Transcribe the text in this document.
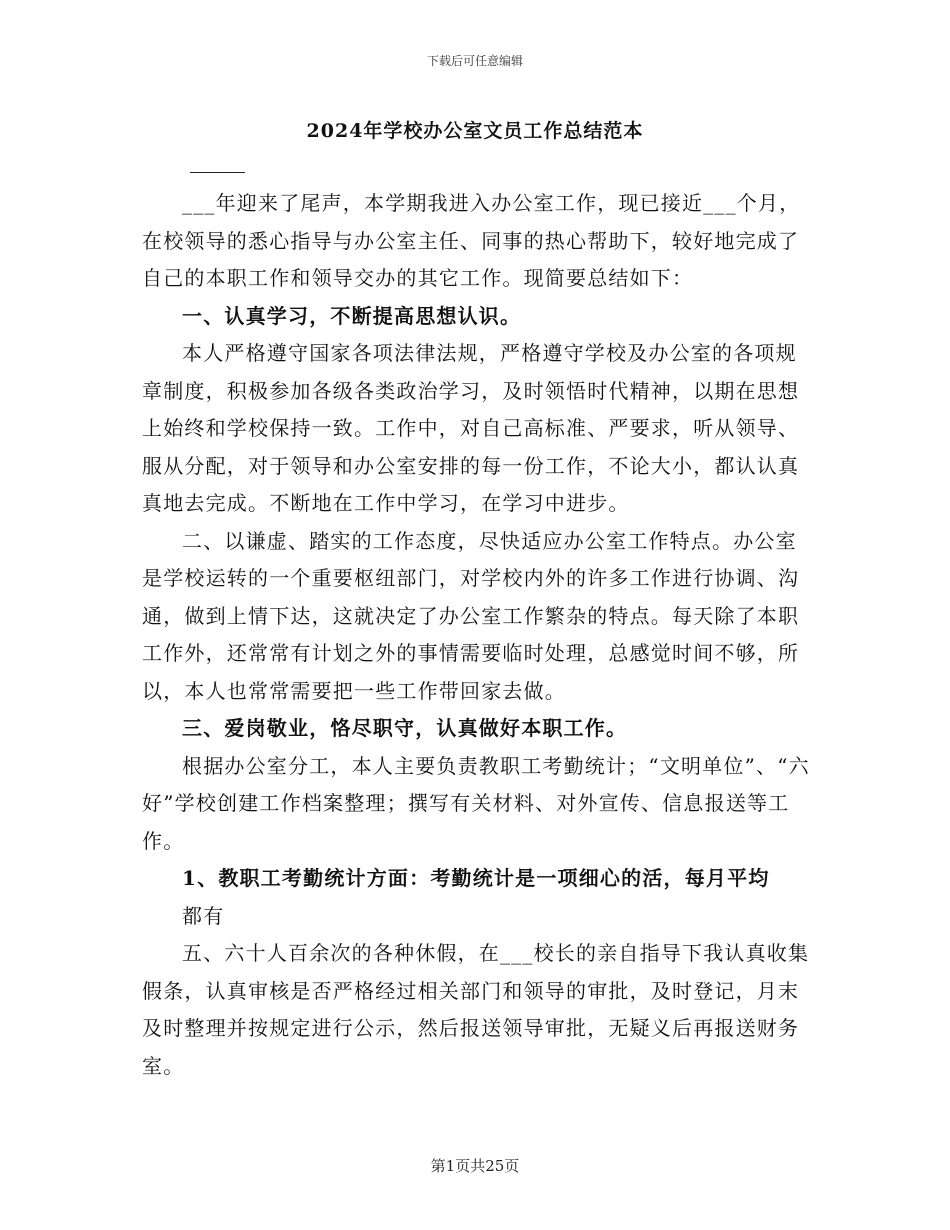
下载后可任意编辑
2024年学校办公室文员工作总结范本

___年迎来了尾声，本学期我进入办公室工作，现已接近___个月，在校领导的悉心指导与办公室主任、同事的热心帮助下，较好地完成了自己的本职工作和领导交办的其它工作。现简要总结如下：

一、认真学习，不断提高思想认识。

本人严格遵守国家各项法律法规，严格遵守学校及办公室的各项规章制度，积极参加各级各类政治学习，及时领悟时代精神，以期在思想上始终和学校保持一致。工作中，对自己高标准、严要求，听从领导、服从分配，对于领导和办公室安排的每一份工作，不论大小，都认认真真地去完成。不断地在工作中学习，在学习中进步。

二、以谦虚、踏实的工作态度，尽快适应办公室工作特点。办公室是学校运转的一个重要枢纽部门，对学校内外的许多工作进行协调、沟通，做到上情下达，这就决定了办公室工作繁杂的特点。每天除了本职工作外，还常常有计划之外的事情需要临时处理，总感觉时间不够，所以，本人也常常需要把一些工作带回家去做。

三、爱岗敬业，恪尽职守，认真做好本职工作。

根据办公室分工，本人主要负责教职工考勤统计；“文明单位”、“六好”学校创建工作档案整理；撰写有关材料、对外宣传、信息报送等工作。

1、教职工考勤统计方面：考勤统计是一项细心的活，每月平均

都有

五、六十人百余次的各种休假，在___校长的亲自指导下我认真收集假条，认真审核是否严格经过相关部门和领导的审批，及时登记，月末及时整理并按规定进行公示，然后报送领导审批，无疑义后再报送财务室。

第1页共25页
